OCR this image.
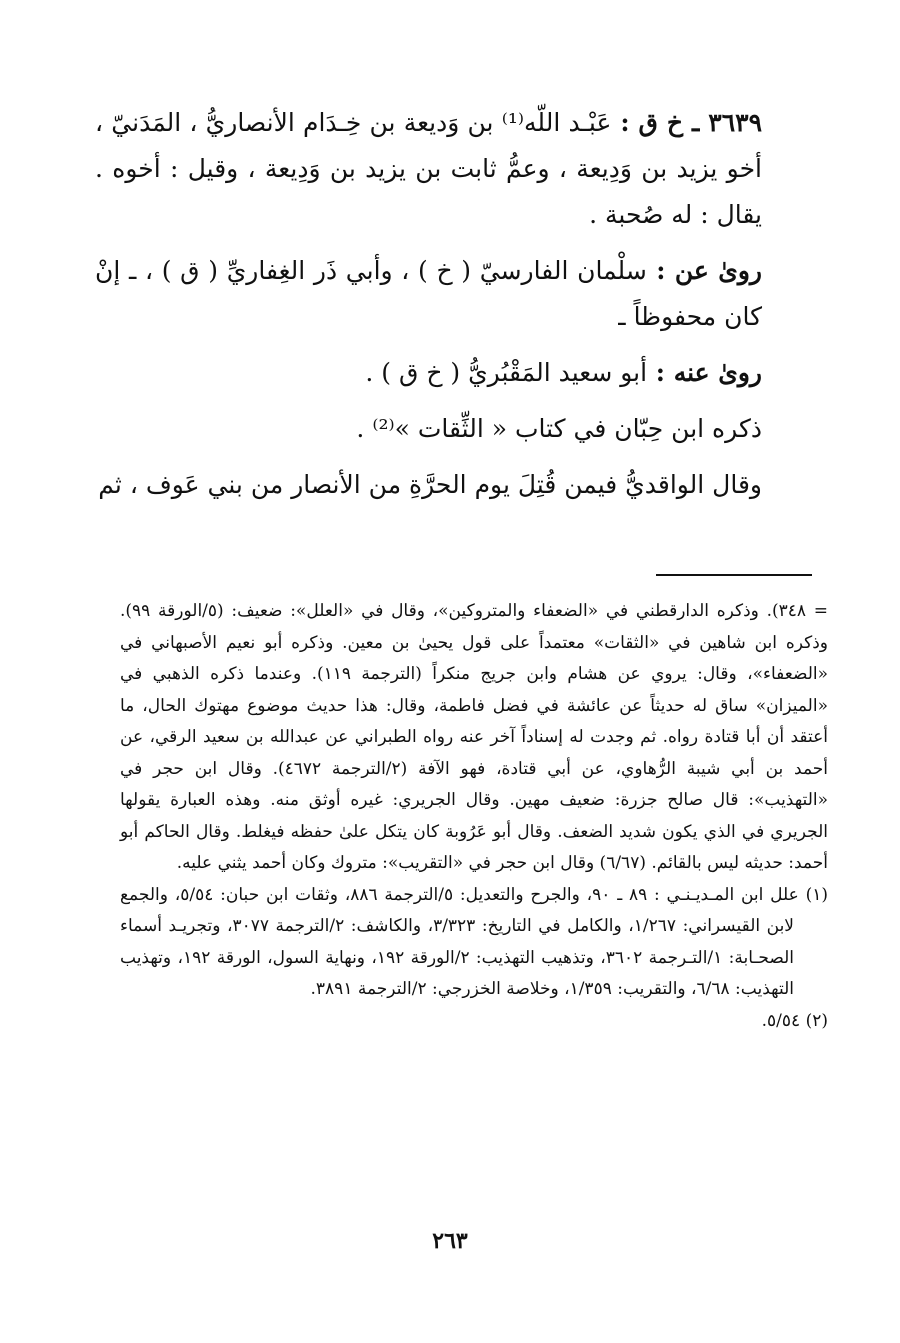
٣٦٣٩ ـ خ ق : عَبْـد اللّه⁽¹⁾ بن وَديعة بن خِـدَام الأنصاريُّ ، المَدَنيّ ، أخو يزيد بن وَدِيعة ، وعمُّ ثابت بن يزيد بن وَدِيعة ، وقيل : أخوه . يقال : له صُحبة .

روىٰ عن : سلْمان الفارسيّ ( خ ) ، وأبي ذَر الغِفاريِّ ( ق ) ، ـ إنْ كان محفوظاً ـ

روىٰ عنه : أبو سعيد المَقْبُريُّ ( خ ق ) .

ذكره ابن حِبّان في كتاب « الثِّقات »⁽²⁾ .

وقال الواقديُّ فيمن قُتِلَ يوم الحرَّةِ من الأنصار من بني عَوف ، ثم

= ٣٤٨). وذكره الدارقطني في «الضعفاء والمتروكين»، وقال في «العلل»: ضعيف: (٥/الورقة ٩٩). وذكره ابن شاهين في «الثقات» معتمداً على قول يحيىٰ بن معين. وذكره أبو نعيم الأصبهاني في «الضعفاء»، وقال: يروي عن هشام وابن جريج منكراً (الترجمة ١١٩). وعندما ذكره الذهبي في «الميزان» ساق له حديثاً عن عائشة في فضل فاطمة، وقال: هذا حديث موضوع مهتوك الحال، ما أعتقد أن أبا قتادة رواه. ثم وجدت له إسناداً آخر عنه رواه الطبراني عن عبدالله بن سعيد الرقي، عن أحمد بن أبي شيبة الرُّهاوي، عن أبي قتادة، فهو الآفة (٢/الترجمة ٤٦٧٢). وقال ابن حجر في «التهذيب»: قال صالح جزرة: ضعيف مهين. وقال الجريري: غيره أوثق منه. وهذه العبارة يقولها الجريري في الذي يكون شديد الضعف. وقال أبو عَرُوبة كان يتكل علىٰ حفظه فيغلط. وقال الحاكم أبو أحمد: حديثه ليس بالقائم. (٦/٦٧) وقال ابن حجر في «التقريب»: متروك وكان أحمد يثني عليه.

(١) علل ابن المـديـنـي : ٨٩ ـ ٩٠، والجرح والتعديل: ٥/الترجمة ٨٨٦، وثقات ابن حبان: ٥/٥٤، والجمع لابن القيسراني: ١/٢٦٧، والكامل في التاريخ: ٣/٣٢٣، والكاشف: ٢/الترجمة ٣٠٧٧، وتجريـد أسماء الصحـابة: ١/التـرجمة ٣٦٠٢، وتذهيب التهذيب: ٢/الورقة ١٩٢، ونهاية السول، الورقة ١٩٢، وتهذيب التهذيب: ٦/٦٨، والتقريب: ١/٣٥٩، وخلاصة الخزرجي: ٢/الترجمة ٣٨٩١.

(٢) ٥/٥٤.

٢٦٣
